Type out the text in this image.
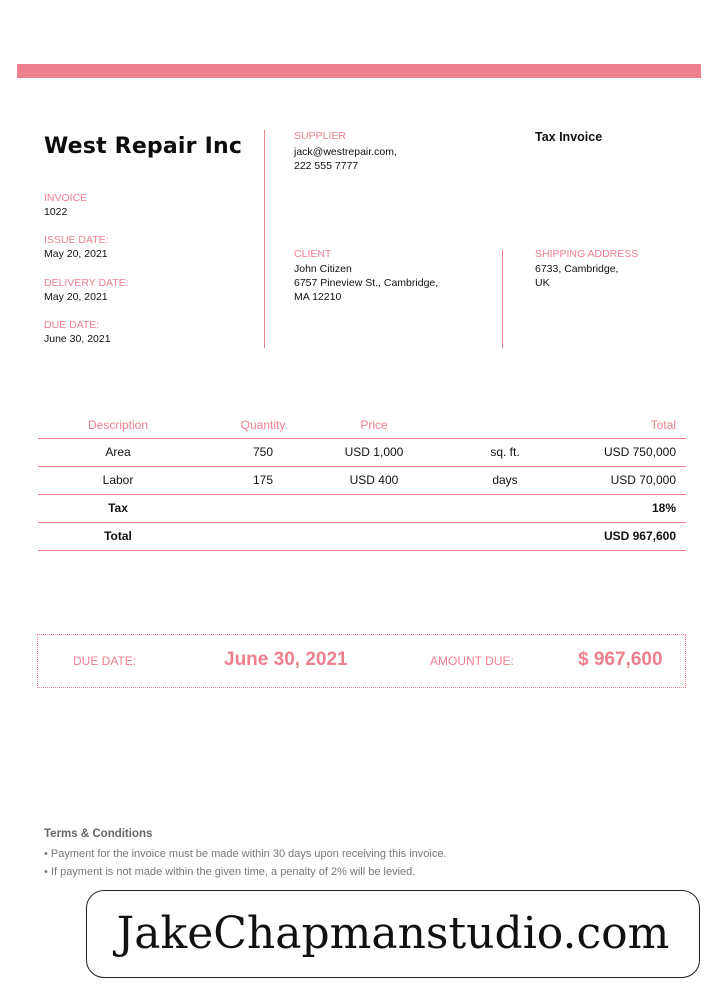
West Repair Inc
INVOICE
1022
ISSUE DATE:
May 20, 2021
DELIVERY DATE:
May 20, 2021
DUE DATE:
June 30, 2021
SUPPLIER
jack@westrepair.com,
222 555 7777
Tax Invoice
CLIENT
John Citizen
6757 Pineview St., Cambridge,
MA 12210
SHIPPING ADDRESS
6733, Cambridge,
UK
Description	Quantity	Price		Total
Area	750	USD 1,000	sq. ft.	USD 750,000
Labor	175	USD 400	days	USD 70,000
Tax				18%
Total				USD 967,600
DUE DATE:	June 30, 2021	AMOUNT DUE:	$ 967,600
Terms & Conditions
• Payment for the invoice must be made within 30 days upon receiving this invoice.
• If payment is not made within the given time, a penalty of 2% will be levied.
JakeChapmanstudio.com
